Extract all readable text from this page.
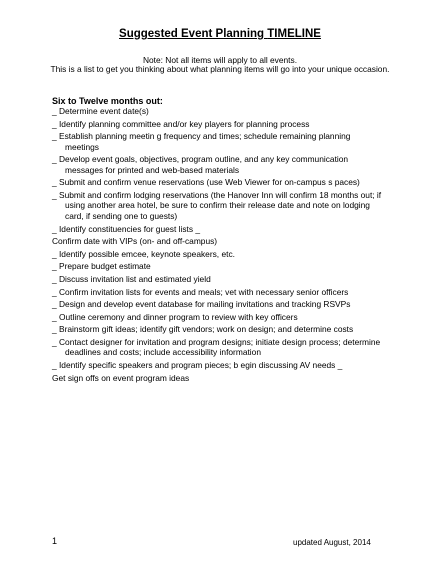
Suggested Event Planning TIMELINE
Note: Not all items will apply to all events.
This is a list to get you thinking about what planning items will go into your unique occasion.
Six to Twelve months out:
_ Determine event date(s)
_ Identify planning committee and/or key players for planning process
_ Establish planning meetin g frequency and times; schedule remaining planning
meetings
_ Develop event goals, objectives, program outline, and any key communication
messages for printed and web-based materials
_ Submit and confirm venue reservations (use Web Viewer for on-campus s paces)
_ Submit and confirm lodging reservations (the Hanover Inn will confirm 18 months out; if
using another area hotel, be sure to confirm their release date and note on lodging
card, if sending one to guests)
_ Identify constituencies for guest lists _
Confirm date with VIPs (on- and off-campus)
_ Identify possible emcee, keynote speakers, etc.
_ Prepare budget estimate
_ Discuss invitation list and estimated yield
_ Confirm invitation lists for events and meals; vet with necessary senior officers
_ Design and develop event database for mailing invitations and tracking RSVPs
_ Outline ceremony and dinner program to review with key officers
_ Brainstorm gift ideas; identify gift vendors; work on design; and determine costs
_ Contact designer for invitation and program designs; initiate design process; determine
deadlines and costs; include accessibility information
_ Identify specific speakers and program pieces; b egin discussing AV needs _
Get sign offs on event program ideas
1	updated August, 2014
